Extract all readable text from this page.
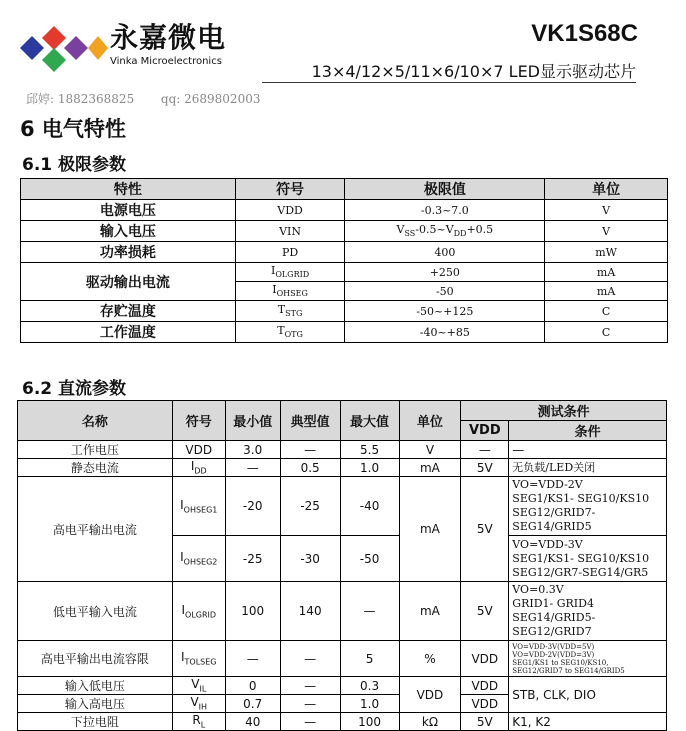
永嘉微电
Vinka Microelectronics
VK1S68C
13×4/12×5/11×6/10×7 LED显示驱动芯片
邱婷: 1882368825       qq: 2689802003
6 电气特性
6.1 极限参数
特性	符号	极限值	单位
电源电压	VDD	-0.3~7.0	V
输入电压	VIN	$V_{SS}-0.5\sim V_{DD}+0.5$	V
功率损耗	PD	400	mW
驱动输出电流	$I_{OLGRID}$	+250	mA
	$I_{OHSEG}$	-50	mA
存贮温度	$T_{STG}$	-50~+125	C
工作温度	$T_{OTG}$	-40~+85	C
6.2 直流参数
名称	符号	最小值	典型值	最大值	单位	测试条件	
						VDD	条件
工作电压	VDD	3.0	—	5.5	V	—	—
静态电流	$I_{DD}$	—	0.5	1.0	mA	5V	无负载/LED关闭
高电平输出电流	$I_{OHSEG1}$	-20	-25	-40	mA	5V	VO=VDD-2V
SEG1/KS1- SEG10/KS10
SEG12/GRID7-SEG14/GRID5

	$I_{OHSEG2}$	-25	-30	-50			VO=VDD-3V
SEG1/KS1- SEG10/KS10
SEG12/GR7-SEG14/GR5

低电平输入电流	$I_{OLGRID}$	100	140	—	mA	5V	VO=0.3V
GRID1- GRID4
SEG14/GRID5-SEG12/GRID7

高电平输出电流容限	$I_{TOLSEG}$	—	—	5	%	VDD	VO=VDD-3V(VDD=5V)
VO=VDD-2V(VDD=3V)
SEG1/KS1 to SEG10/KS10,
SEG12/GRID7 to SEG14/GRID5

输入低电压	$V_{IL}$	0	—	0.3	VDD	VDD	STB, CLK, DIO
输入高电压	$V_{IH}$	0.7	—	1.0		VDD	
下拉电阻	$R_L$	40	—	100	kΩ	5V	K1, K2
